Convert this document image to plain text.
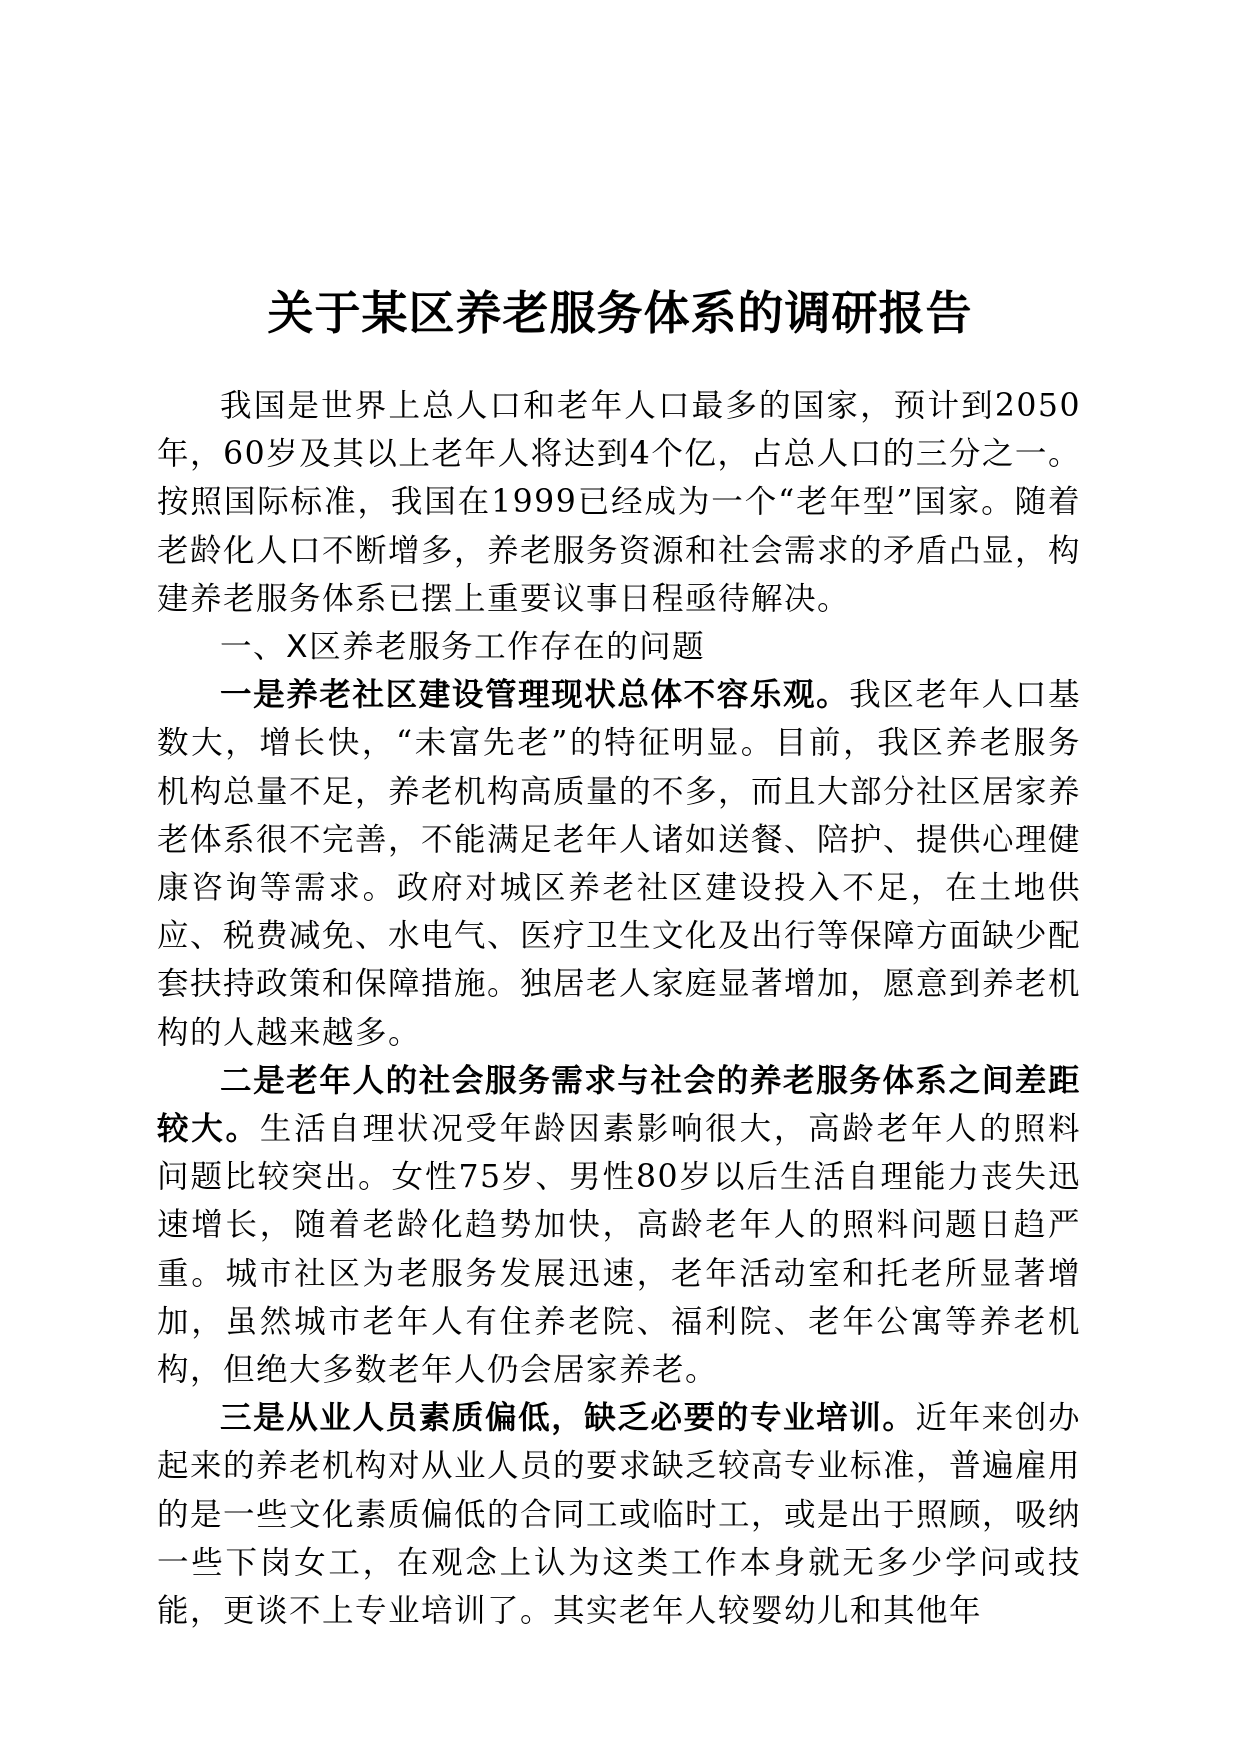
关于某区养老服务体系的调研报告

我国是世界上总人口和老年人口最多的国家，预计到2050年，60岁及其以上老年人将达到4个亿，占总人口的三分之一。按照国际标准，我国在1999已经成为一个“老年型”国家。随着老龄化人口不断增多，养老服务资源和社会需求的矛盾凸显，构建养老服务体系已摆上重要议事日程亟待解决。

一、X区养老服务工作存在的问题

一是养老社区建设管理现状总体不容乐观。我区老年人口基数大，增长快，“未富先老”的特征明显。目前，我区养老服务机构总量不足，养老机构高质量的不多，而且大部分社区居家养老体系很不完善，不能满足老年人诸如送餐、陪护、提供心理健康咨询等需求。政府对城区养老社区建设投入不足，在土地供应、税费减免、水电气、医疗卫生文化及出行等保障方面缺少配套扶持政策和保障措施。独居老人家庭显著增加，愿意到养老机构的人越来越多。

二是老年人的社会服务需求与社会的养老服务体系之间差距较大。生活自理状况受年龄因素影响很大，高龄老年人的照料问题比较突出。女性75岁、男性80岁以后生活自理能力丧失迅速增长，随着老龄化趋势加快，高龄老年人的照料问题日趋严重。城市社区为老服务发展迅速，老年活动室和托老所显著增加，虽然城市老年人有住养老院、福利院、老年公寓等养老机构，但绝大多数老年人仍会居家养老。

三是从业人员素质偏低，缺乏必要的专业培训。近年来创办起来的养老机构对从业人员的要求缺乏较高专业标准，普遍雇用的是一些文化素质偏低的合同工或临时工，或是出于照顾，吸纳一些下岗女工，在观念上认为这类工作本身就无多少学问或技能，更谈不上专业培训了。其实老年人较婴幼儿和其他年
